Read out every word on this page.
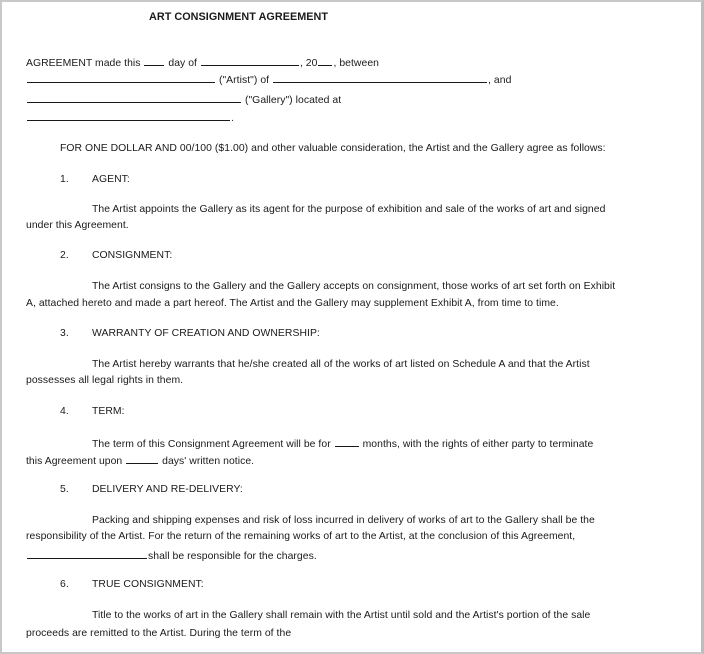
ART CONSIGNMENT AGREEMENT
AGREEMENT made this	day of	, 20 , between
("Artist") of	, and
("Gallery") located at
.
FOR ONE DOLLAR AND 00/100 ($1.00) and other valuable consideration, the Artist and the Gallery agree as follows:
1. AGENT:
The Artist appoints the Gallery as its agent for the purpose of exhibition and sale of the works of art and signed
under this Agreement.
2. CONSIGNMENT:
The Artist consigns to the Gallery and the Gallery accepts on consignment, those works of art set forth on Exhibit
A, attached hereto and made a part hereof. The Artist and the Gallery may supplement Exhibit A, from time to time.
3. WARRANTY OF CREATION AND OWNERSHIP:
The Artist hereby warrants that he/she created all of the works of art listed on Schedule A and that the Artist
possesses all legal rights in them.
4. TERM:
The term of this Consignment Agreement will be for	months, with the rights of either party to terminate
this Agreement upon	days' written notice.
5. DELIVERY AND RE-DELIVERY:
Packing and shipping expenses and risk of loss incurred in delivery of works of art to the Gallery shall be the
responsibility of the Artist. For the return of the remaining works of art to the Artist, at the conclusion of this Agreement,
shall be responsible for the charges.
6. TRUE CONSIGNMENT:
Title to the works of art in the Gallery shall remain with the Artist until sold and the Artist's portion of the sale
proceeds are remitted to the Artist. During the term of the
